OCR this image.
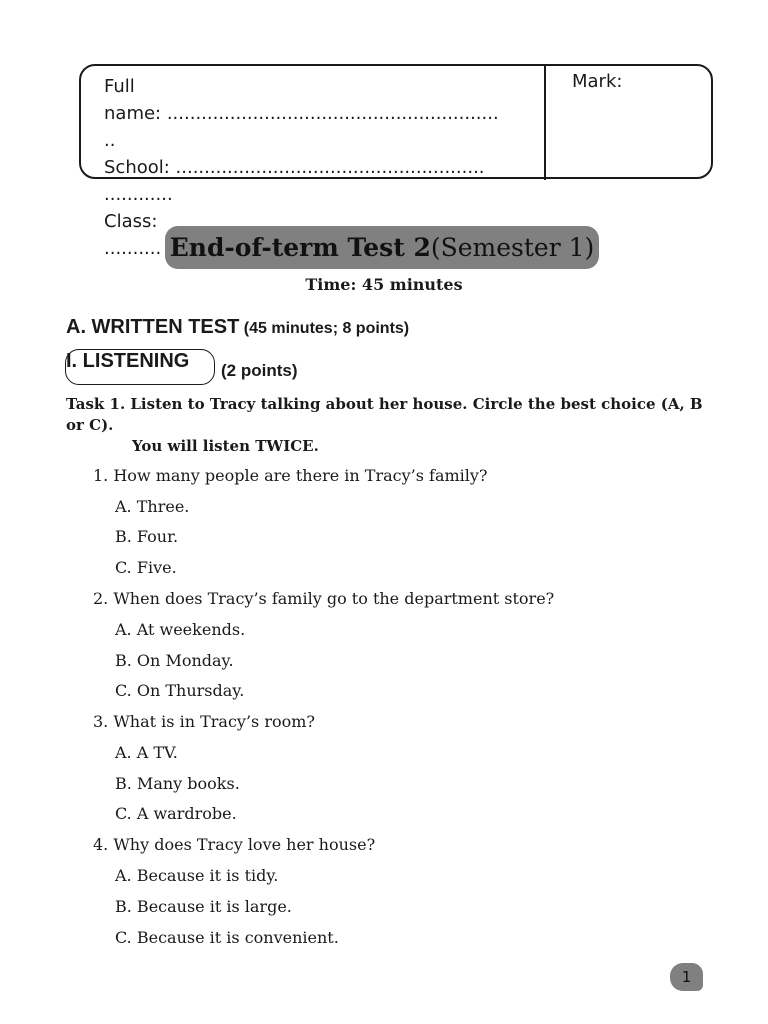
Full
name: ..........................................................
..
School: ......................................................
............
Class:
..........
Mark:
End-of-term Test 2 (Semester 1)
Time: 45 minutes
A. WRITTEN TEST (45 minutes; 8 points)
I. LISTENING (2 points)
Task 1. Listen to Tracy talking about her house. Circle the best choice (A, B or C).
You will listen TWICE.
1. How many people are there in Tracy’s family?
A. Three.
B. Four.
C. Five.
2. When does Tracy’s family go to the department store?
A. At weekends.
B. On Monday.
C. On Thursday.
3. What is in Tracy’s room?
A. A TV.
B. Many books.
C. A wardrobe.
4. Why does Tracy love her house?
A. Because it is tidy.
B. Because it is large.
C. Because it is convenient.
1
